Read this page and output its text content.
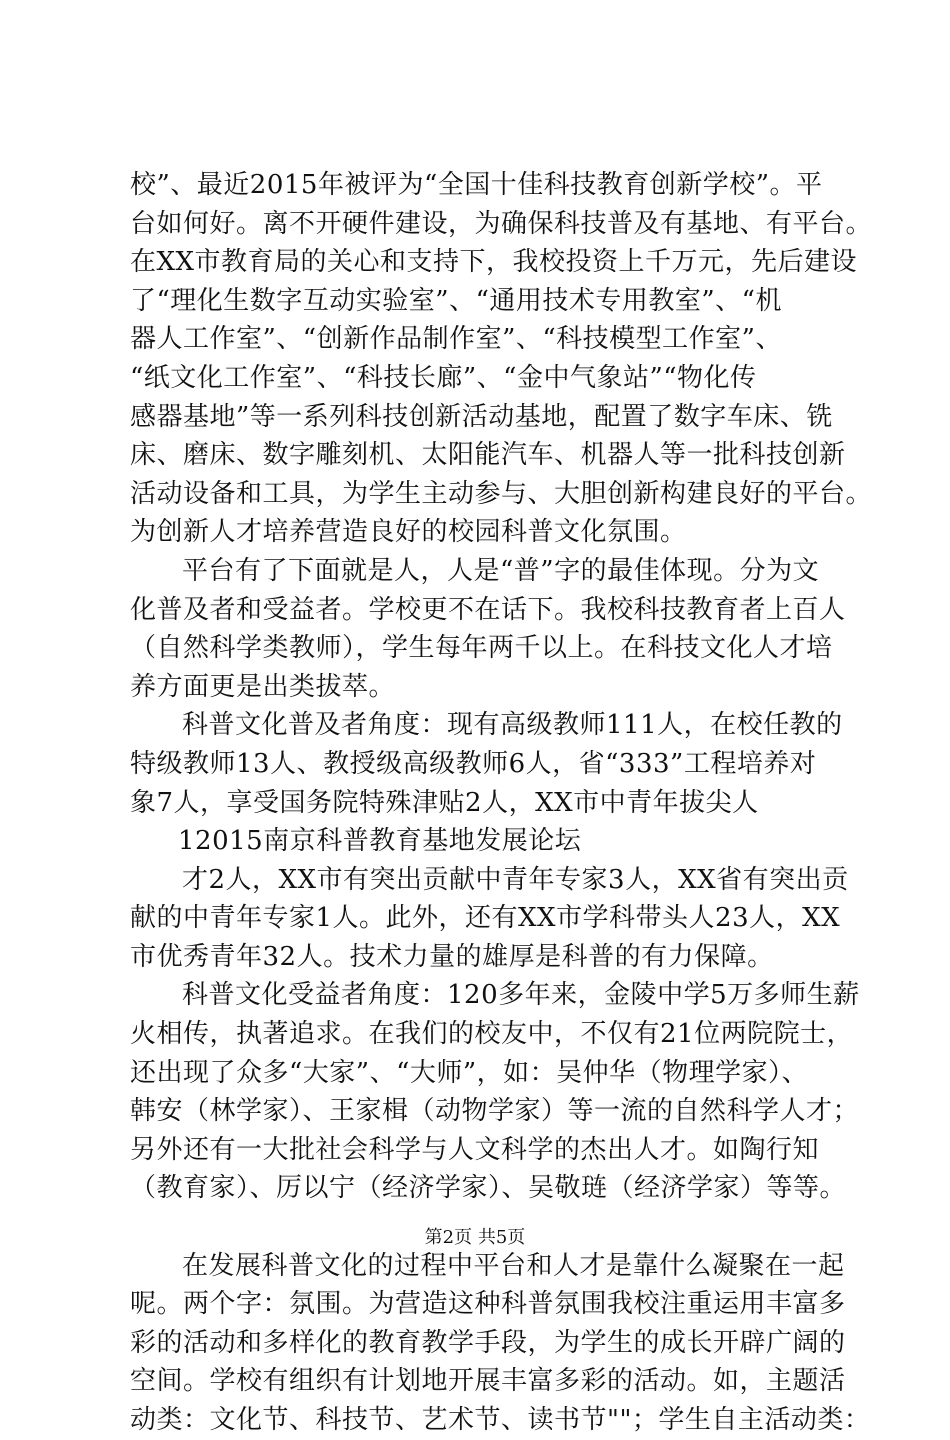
校”、最近2015年被评为“全国十佳科技教育创新学校”。平
台如何好。离不开硬件建设，为确保科技普及有基地、有平台。
在XX市教育局的关心和支持下，我校投资上千万元，先后建设
了“理化生数字互动实验室”、“通用技术专用教室”、“机
器人工作室”、“创新作品制作室”、“科技模型工作室”、
“纸文化工作室”、“科技长廊”、“金中气象站”“物化传
感器基地”等一系列科技创新活动基地，配置了数字车床、铣
床、磨床、数字雕刻机、太阳能汽车、机器人等一批科技创新
活动设备和工具，为学生主动参与、大胆创新构建良好的平台。
为创新人才培养营造良好的校园科普文化氛围。
平台有了下面就是人，人是“普”字的最佳体现。分为文
化普及者和受益者。学校更不在话下。我校科技教育者上百人
（自然科学类教师），学生每年两千以上。在科技文化人才培
养方面更是出类拔萃。
科普文化普及者角度：现有高级教师111人，在校任教的
特级教师13人、教授级高级教师6人，省“333”工程培养对
象7人，享受国务院特殊津贴2人，XX市中青年拔尖人
12015南京科普教育基地发展论坛
才2人，XX市有突出贡献中青年专家3人，XX省有突出贡
献的中青年专家1人。此外，还有XX市学科带头人23人，XX
市优秀青年32人。技术力量的雄厚是科普的有力保障。
科普文化受益者角度：120多年来，金陵中学5万多师生薪
火相传，执著追求。在我们的校友中，不仅有21位两院院士，
还出现了众多“大家”、“大师”，如：吴仲华（物理学家）、
韩安（林学家）、王家楫（动物学家）等一流的自然科学人才；
另外还有一大批社会科学与人文科学的杰出人才。如陶行知
（教育家）、厉以宁（经济学家）、吴敬琏（经济学家）等等。
在发展科普文化的过程中平台和人才是靠什么凝聚在一起
呢。两个字：氛围。为营造这种科普氛围我校注重运用丰富多
彩的活动和多样化的教育教学手段，为学生的成长开辟广阔的
空间。学校有组织有计划地开展丰富多彩的活动。如，主题活
动类：文化节、科技节、艺术节、读书节""；学生自主活动类：
第2页 共5页
